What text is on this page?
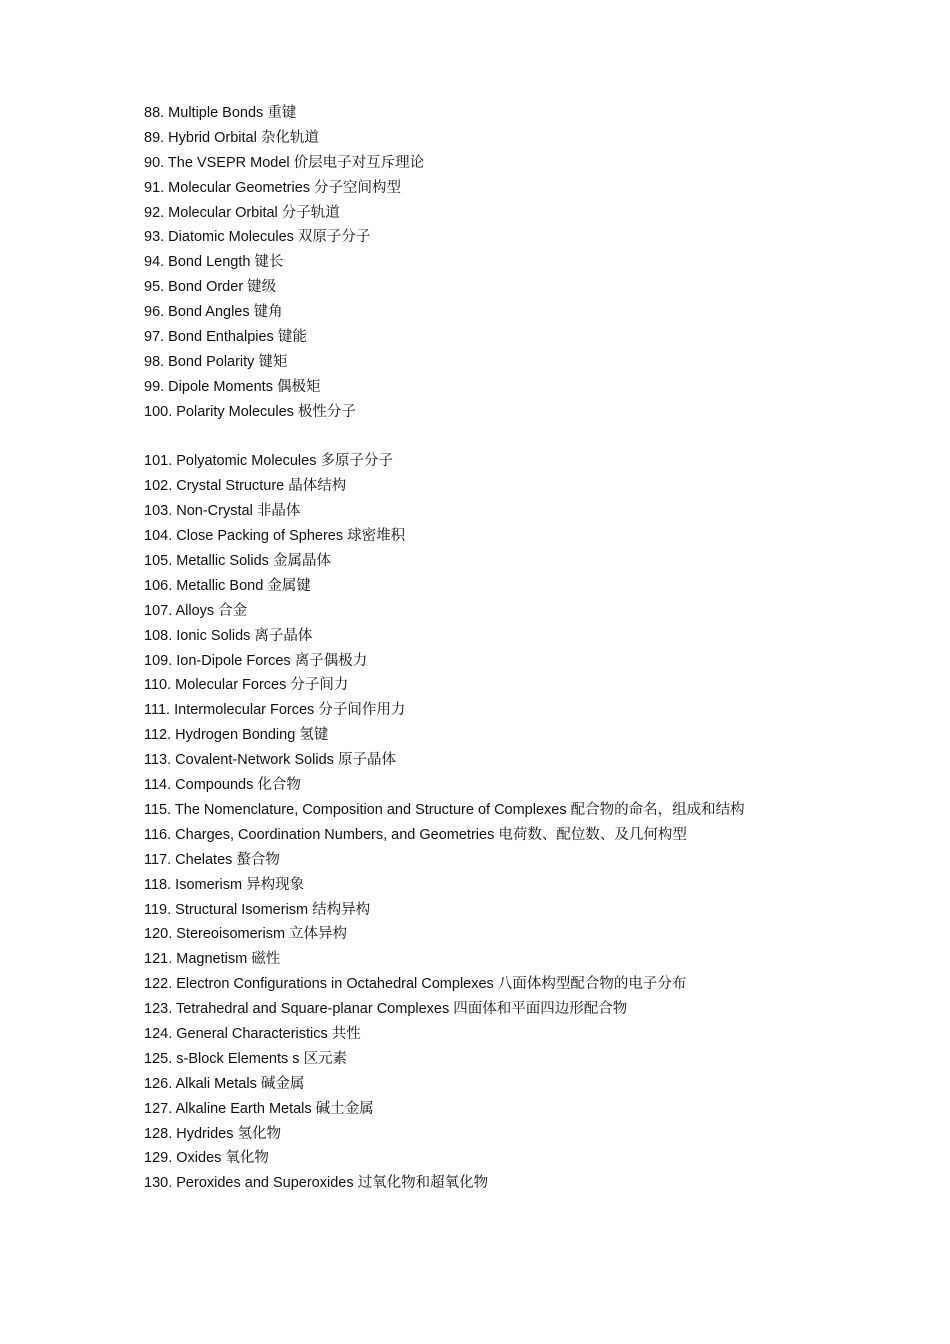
88. Multiple Bonds 重键
89. Hybrid Orbital 杂化轨道
90. The VSEPR Model 价层电子对互斥理论
91. Molecular Geometries 分子空间构型
92. Molecular Orbital 分子轨道
93. Diatomic Molecules 双原子分子
94. Bond Length 键长
95. Bond Order 键级
96. Bond Angles 键角
97. Bond Enthalpies 键能
98. Bond Polarity 键矩
99. Dipole Moments 偶极矩
100. Polarity Molecules 极性分子
101. Polyatomic Molecules 多原子分子
102. Crystal Structure 晶体结构
103. Non-Crystal 非晶体
104. Close Packing of Spheres 球密堆积
105. Metallic Solids 金属晶体
106. Metallic Bond 金属键
107. Alloys 合金
108. Ionic Solids 离子晶体
109. Ion-Dipole Forces 离子偶极力
110. Molecular Forces 分子间力
111. Intermolecular Forces 分子间作用力
112. Hydrogen Bonding 氢键
113. Covalent-Network Solids 原子晶体
114. Compounds 化合物
115. The Nomenclature, Composition and Structure of Complexes 配合物的命名，组成和结构
116. Charges, Coordination Numbers, and Geometries 电荷数、配位数、及几何构型
117. Chelates 螯合物
118. Isomerism 异构现象
119. Structural Isomerism 结构异构
120. Stereoisomerism 立体异构
121. Magnetism 磁性
122. Electron Configurations in Octahedral Complexes 八面体构型配合物的电子分布
123. Tetrahedral and Square-planar Complexes 四面体和平面四边形配合物
124. General Characteristics 共性
125. s-Block Elements s 区元素
126. Alkali Metals 碱金属
127. Alkaline Earth Metals 碱土金属
128. Hydrides 氢化物
129. Oxides 氧化物
130. Peroxides and Superoxides 过氧化物和超氧化物
